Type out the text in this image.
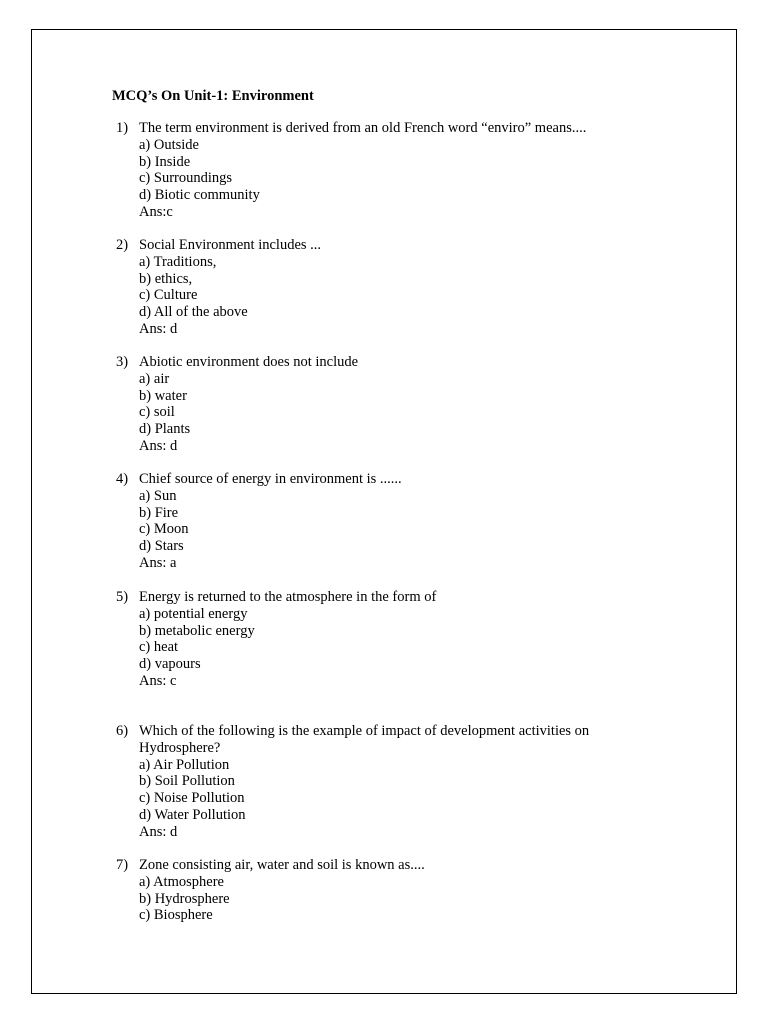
MCQ’s On Unit-1: Environment
1) The term environment is derived from an old French word “enviro” means....
a) Outside
b) Inside
c) Surroundings
d) Biotic community
Ans:c
2) Social Environment includes ...
a) Traditions,
b) ethics,
c) Culture
d) All of the above
Ans: d
3) Abiotic environment does not include
a) air
b) water
c) soil
d) Plants
Ans: d
4) Chief source of energy in environment is ......
a) Sun
b) Fire
c) Moon
d) Stars
Ans: a
5) Energy is returned to the atmosphere in the form of
a) potential energy
b) metabolic energy
c) heat
d) vapours
Ans: c
6) Which of the following is the example of impact of development activities on
Hydrosphere?
a) Air Pollution
b) Soil Pollution
c) Noise Pollution
d) Water Pollution
Ans: d
7) Zone consisting air, water and soil is known as....
a) Atmosphere
b) Hydrosphere
c) Biosphere
